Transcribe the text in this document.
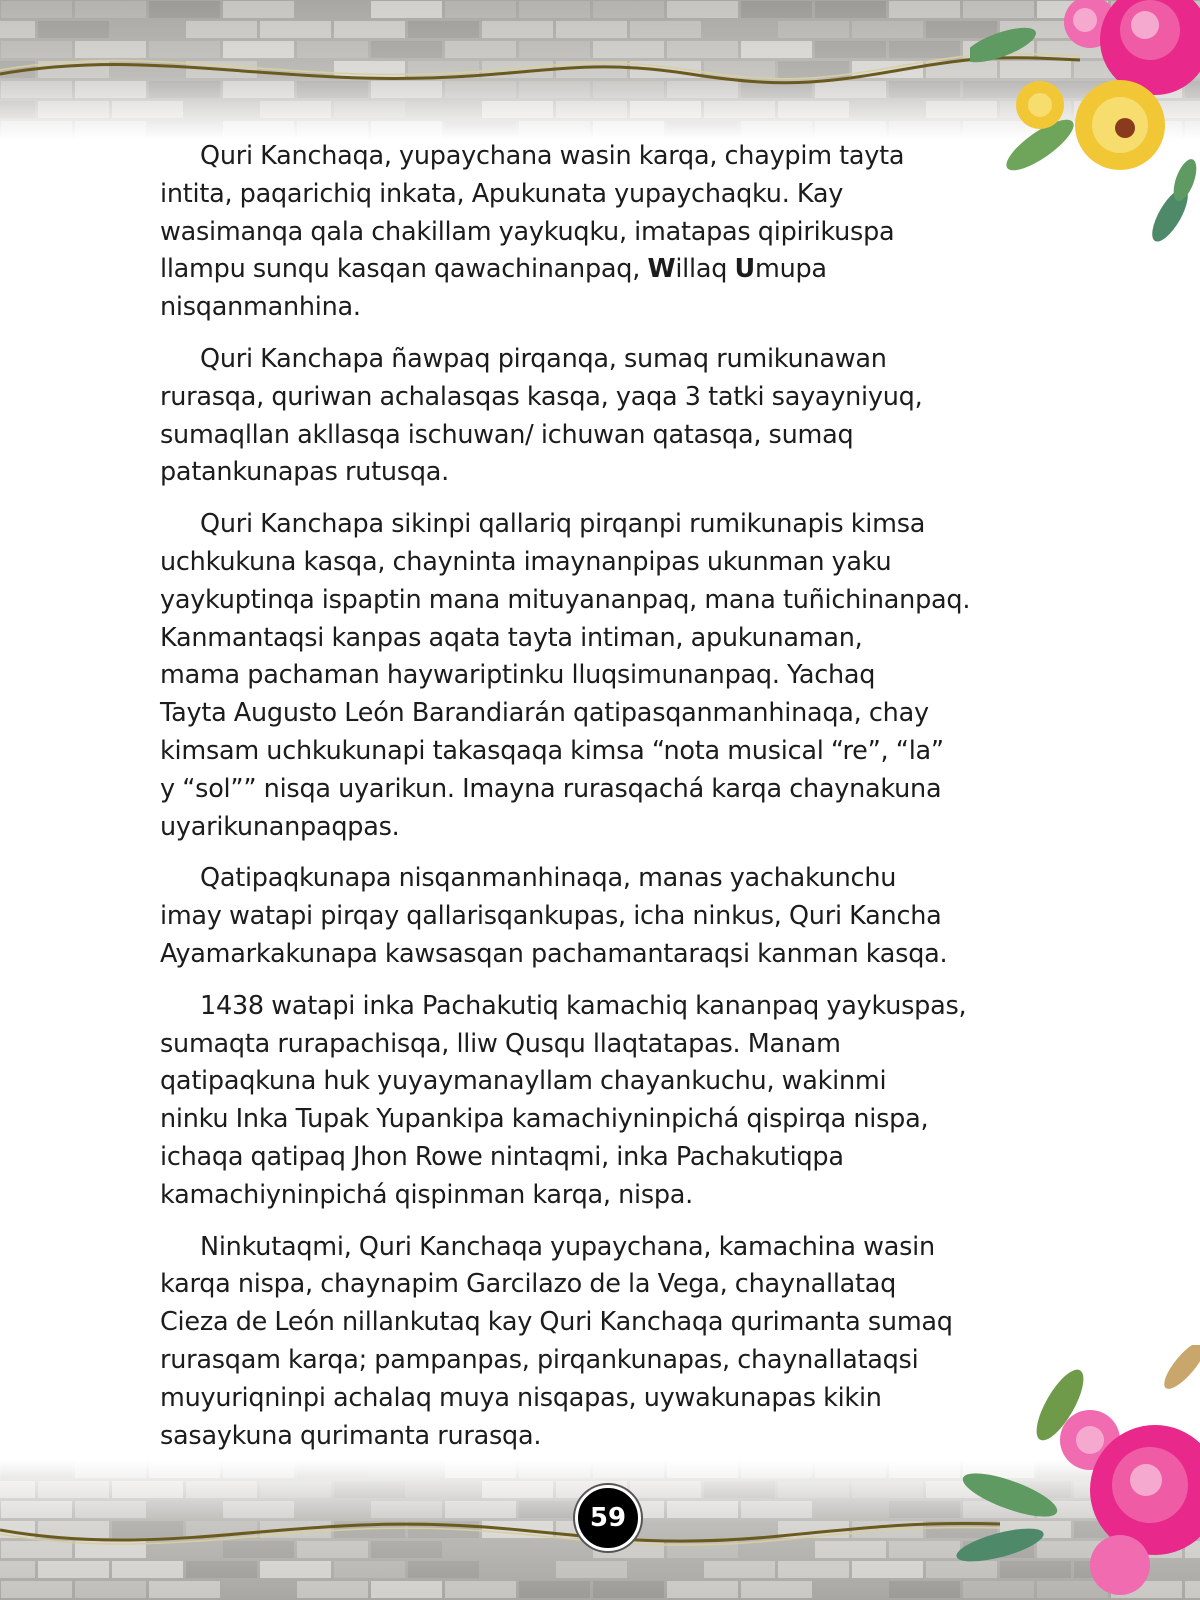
Quri Kanchaqa, yupaychana wasin karqa, chaypim tayta
intita, paqarichiq inkata, Apukunata yupaychaqku. Kay
wasimanqa qala chakillam yaykuqku, imatapas qipirikuspa
llampu sunqu kasqan qawachinanpaq, Willaq Umupa
nisqanmanhina.

Quri Kanchapa ñawpaq pirqanqa, sumaq rumikunawan
rurasqa, quriwan achalasqas kasqa, yaqa 3 tatki sayayniyuq,
sumaqllan akllasqa ischuwan/ ichuwan qatasqa, sumaq
patankunapas rutusqa.

Quri Kanchapa sikinpi qallariq pirqanpi rumikunapis kimsa
uchkukuna kasqa, chayninta imaynanpipas ukunman yaku
yaykuptinqa ispaptin mana mituyananpaq, mana tuñichinanpaq.
Kanmantaqsi kanpas aqata tayta intiman, apukunaman,
mama pachaman haywariptinku lluqsimunanpaq. Yachaq
Tayta Augusto León Barandiarán qatipasqanmanhinaqa, chay
kimsam uchkukunapi takasqaqa kimsa “nota musical “re”, “la”
y “sol”” nisqa uyarikun. Imayna rurasqachá karqa chaynakuna
uyarikunanpaqpas.

Qatipaqkunapa nisqanmanhinaqa, manas yachakunchu
imay watapi pirqay qallarisqankupas, icha ninkus, Quri Kancha
Ayamarkakunapa kawsasqan pachamantaraqsi kanman kasqa.

1438 watapi inka Pachakutiq kamachiq kananpaq yaykuspas,
sumaqta rurapachisqa, lliw Qusqu llaqtatapas. Manam
qatipaqkuna huk yuyaymanayllam chayankuchu, wakinmi
ninku Inka Tupak Yupankipa kamachiyninpichá qispirqa nispa,
ichaqa qatipaq Jhon Rowe nintaqmi, inka Pachakutiqpa
kamachiyninpichá qispinman karqa, nispa.

Ninkutaqmi, Quri Kanchaqa yupaychana, kamachina wasin
karqa nispa, chaynapim Garcilazo de la Vega, chaynallataq
Cieza de León nillankutaq kay Quri Kanchaqa qurimanta sumaq
rurasqam karqa; pampanpas, pirqankunapas, chaynallataqsi
muyuriqninpi achalaq muya nisqapas, uywakunapas kikin
sasaykuna qurimanta rurasqa.

59
